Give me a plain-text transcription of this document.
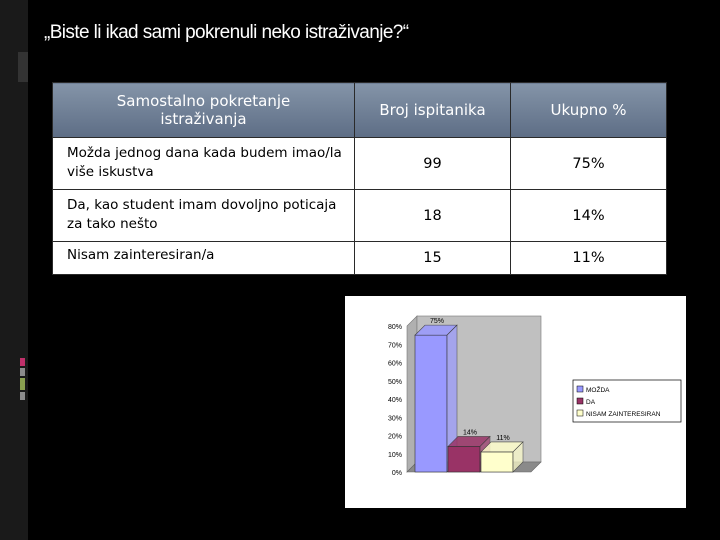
„Biste li ikad sami pokrenuli neko istraživanje?“
Samostalno pokretanje istraživanja	Broj ispitanika	Ukupno %
Možda jednog dana kada budem imao/la više iskustva	99	75%
Da, kao student imam dovoljno poticaja za tako nešto	18	14%
Nisam zainteresiran/a	15	11%
0%
10%
20%
30%
40%
50%
60%
70%
80%
75%
14%
11%
MOŽDA
DA
NISAM ZAINTERESIRAN
